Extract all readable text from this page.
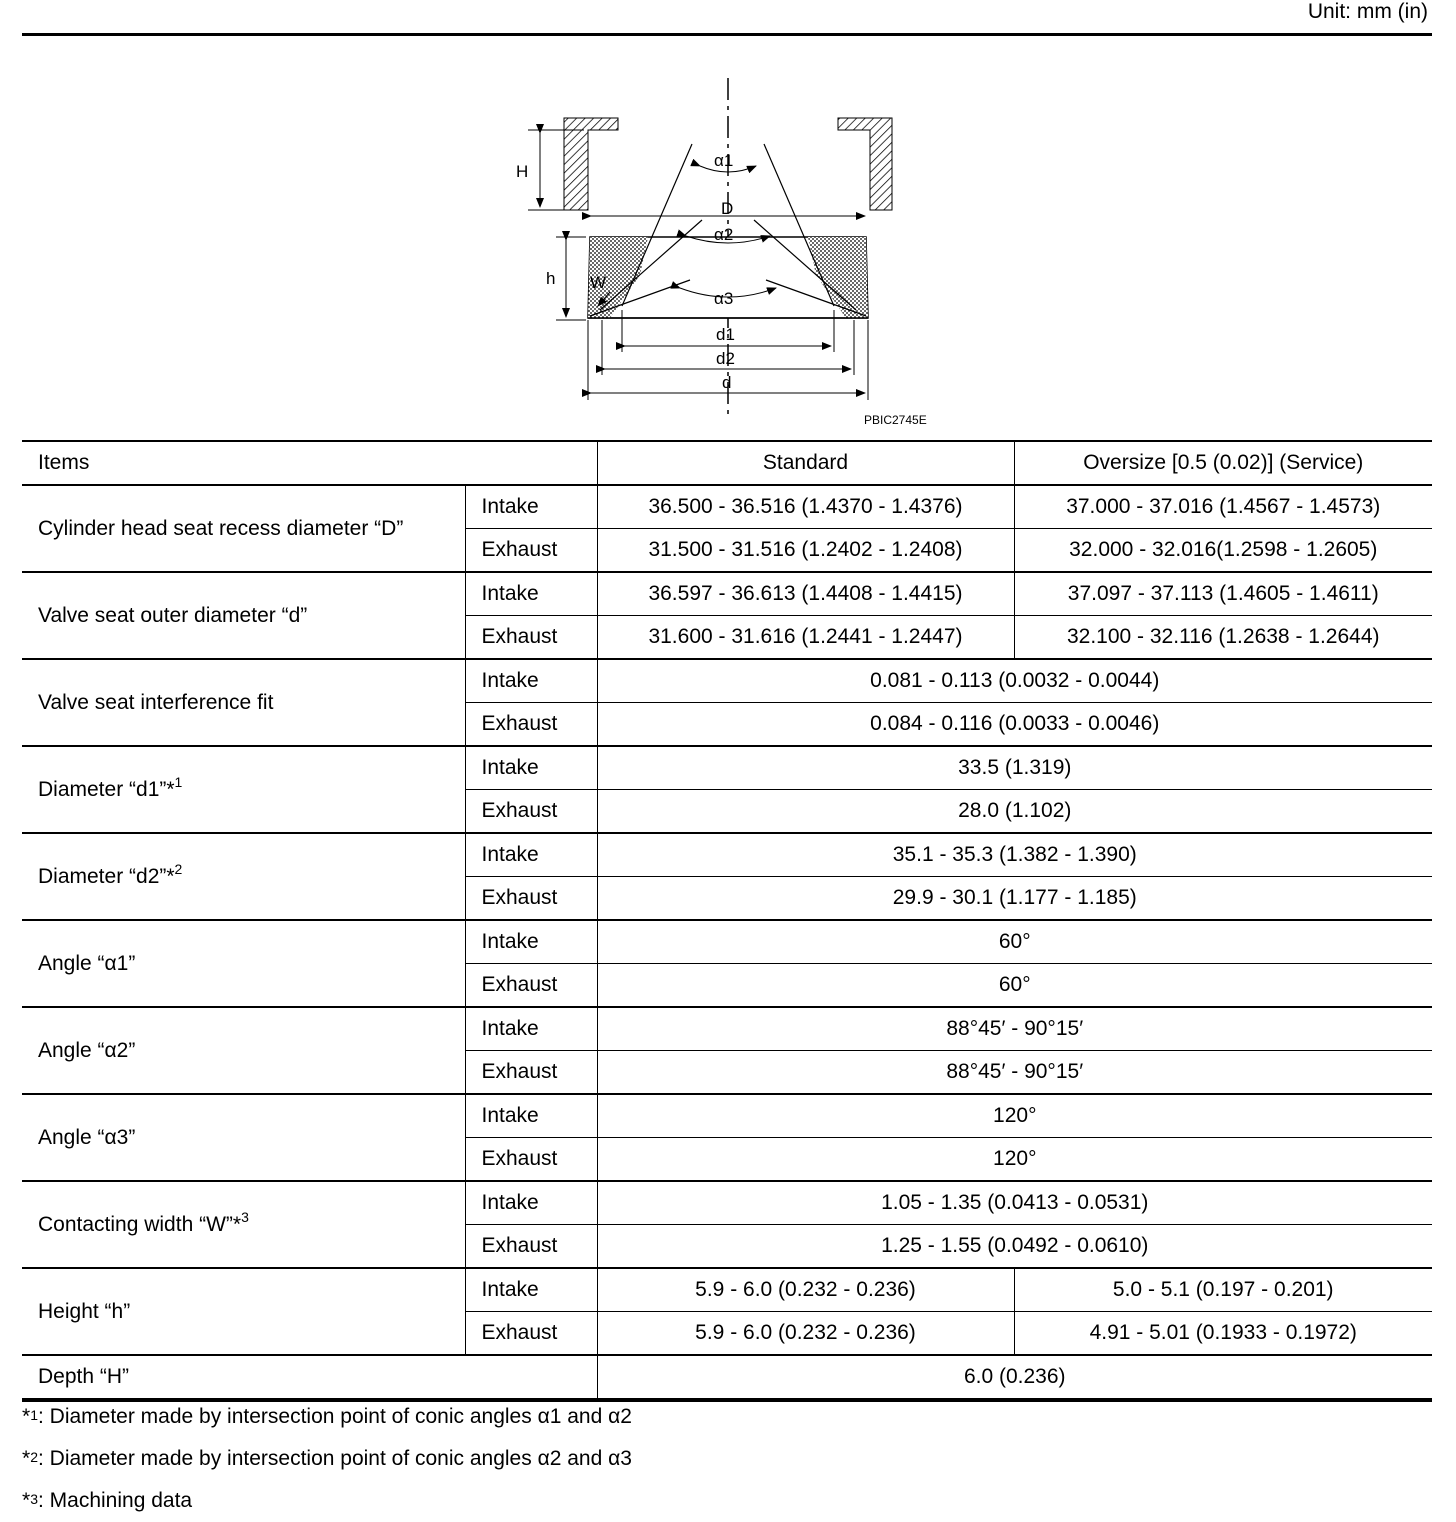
Unit: mm (in)
H
D
α1
α2
α3
h W
d1
d2
d
PBIC2745E
Items		Standard	Oversize [0.5 (0.02)] (Service)
Cylinder head seat recess diameter “D”	Intake	36.500 - 36.516 (1.4370 - 1.4376)	37.000 - 37.016 (1.4567 - 1.4573)
	Exhaust	31.500 - 31.516 (1.2402 - 1.2408)	32.000 - 32.016(1.2598 - 1.2605)
Valve seat outer diameter “d”	Intake	36.597 - 36.613 (1.4408 - 1.4415)	37.097 - 37.113 (1.4605 - 1.4611)
	Exhaust	31.600 - 31.616 (1.2441 - 1.2447)	32.100 - 32.116 (1.2638 - 1.2644)
Valve seat interference fit	Intake	0.081 - 0.113 (0.0032 - 0.0044)	
	Exhaust	0.084 - 0.116 (0.0033 - 0.0046)	
Diameter “d1”*$^1$	Intake	33.5 (1.319)	
	Exhaust	28.0 (1.102)	
Diameter “d2”*$^2$	Intake	35.1 - 35.3 (1.382 - 1.390)	
	Exhaust	29.9 - 30.1 (1.177 - 1.185)	
Angle “α1”	Intake	60°	
	Exhaust	60°	
Angle “α2”	Intake	88°45′ - 90°15′	
	Exhaust	88°45′ - 90°15′	
Angle “α3”	Intake	120°	
	Exhaust	120°	
Contacting width “W”*$^3$	Intake	1.05 - 1.35 (0.0413 - 0.0531)	
	Exhaust	1.25 - 1.55 (0.0492 - 0.0610)	
Height “h”	Intake	5.9 - 6.0 (0.232 - 0.236)	5.0 - 5.1 (0.197 - 0.201)
	Exhaust	5.9 - 6.0 (0.232 - 0.236)	4.91 - 5.01 (0.1933 - 0.1972)
Depth “H”		6.0 (0.236)	
*$^1$: Diameter made by intersection point of conic angles α1 and α2
*$^2$: Diameter made by intersection point of conic angles α2 and α3
*$^3$: Machining data
